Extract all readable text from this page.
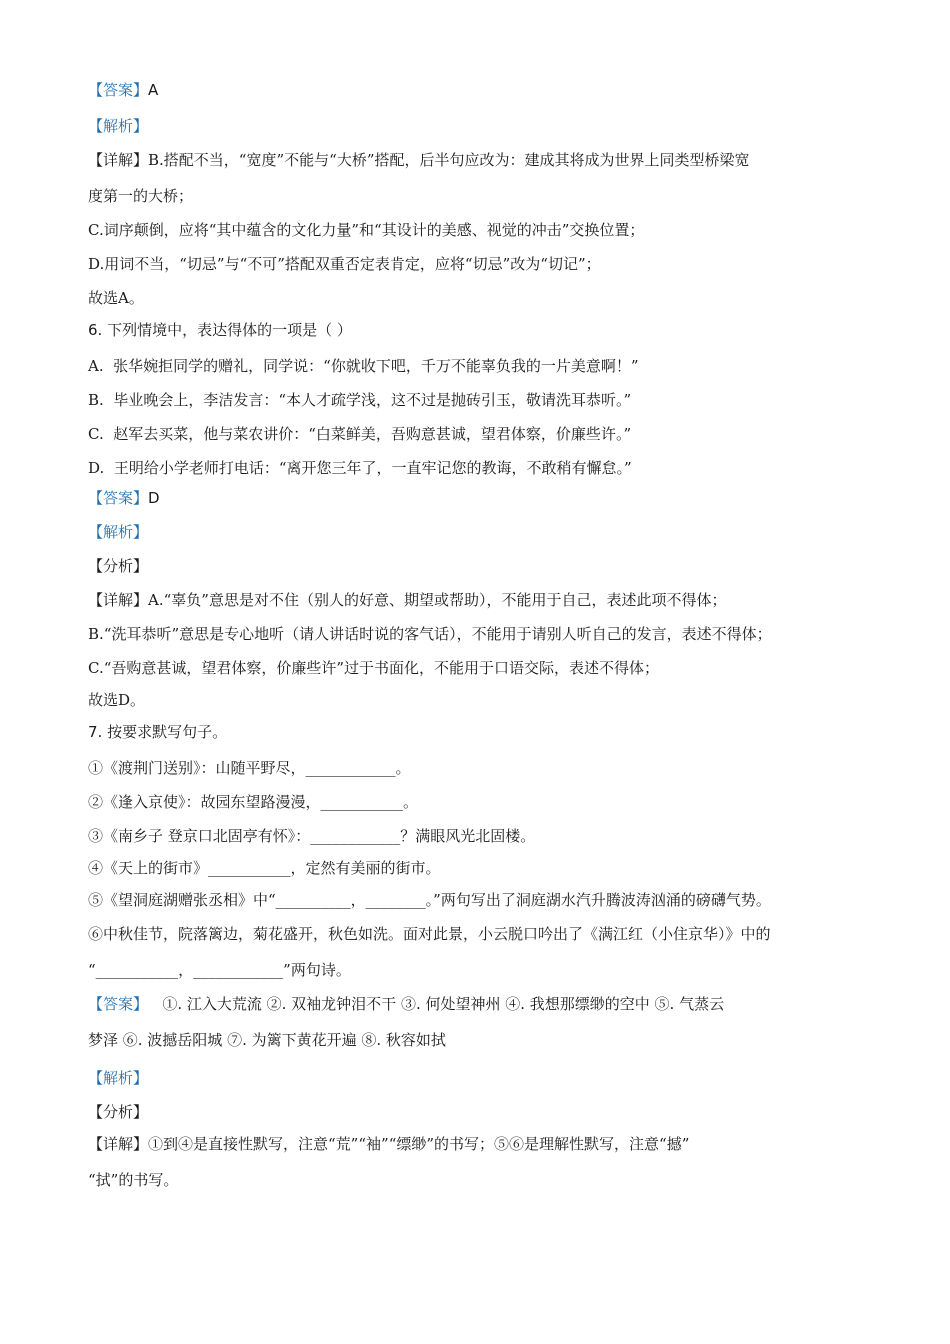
【答案】A
【解析】
【详解】B.搭配不当，“宽度”不能与“大桥”搭配，后半句应改为：建成其将成为世界上同类型桥梁宽
度第一的大桥；
C.词序颠倒，应将“其中蕴含的文化力量”和“其设计的美感、视觉的冲击”交换位置；
D.用词不当，“切忌”与“不可”搭配双重否定表肯定，应将“切忌”改为“切记”；
故选A。
6. 下列情境中，表达得体的一项是（ ）
A. 张华婉拒同学的赠礼，同学说：“你就收下吧，千万不能辜负我的一片美意啊！”
B. 毕业晚会上，李洁发言：“本人才疏学浅，这不过是抛砖引玉，敬请洗耳恭听。”
C. 赵军去买菜，他与菜农讲价：“白菜鲜美，吾购意甚诚，望君体察，价廉些许。”
D. 王明给小学老师打电话：“离开您三年了，一直牢记您的教诲，不敢稍有懈怠。”
【答案】D
【解析】
【分析】
【详解】A.“辜负”意思是对不住（别人的好意、期望或帮助），不能用于自己，表述此项不得体；
B.“洗耳恭听”意思是专心地听（请人讲话时说的客气话），不能用于请别人听自己的发言，表述不得体；
C.“吾购意甚诚，望君体察，价廉些许”过于书面化，不能用于口语交际，表述不得体；
故选D。
7. 按要求默写句子。
①《渡荆门送别》：山随平野尽，____________。
②《逢入京使》：故园东望路漫漫，___________。
③《南乡子 登京口北固亭有怀》：____________？满眼风光北固楼。
④《天上的街市》___________，定然有美丽的街市。
⑤《望洞庭湖赠张丞相》中“__________，________。”两句写出了洞庭湖水汽升腾波涛汹涌的磅礴气势。
⑥中秋佳节，院落篱边，菊花盛开，秋色如洗。面对此景，小云脱口吟出了《满江红（小住京华）》中的
“___________，____________”两句诗。
【答案】 ①. 江入大荒流 ②. 双袖龙钟泪不干 ③. 何处望神州 ④. 我想那缥缈的空中 ⑤. 气蒸云
梦泽 ⑥. 波撼岳阳城 ⑦. 为篱下黄花开遍 ⑧. 秋容如拭
【解析】
【分析】
【详解】①到④是直接性默写，注意“荒”“袖”“缥缈”的书写；⑤⑥是理解性默写，注意“撼”
“拭”的书写。
